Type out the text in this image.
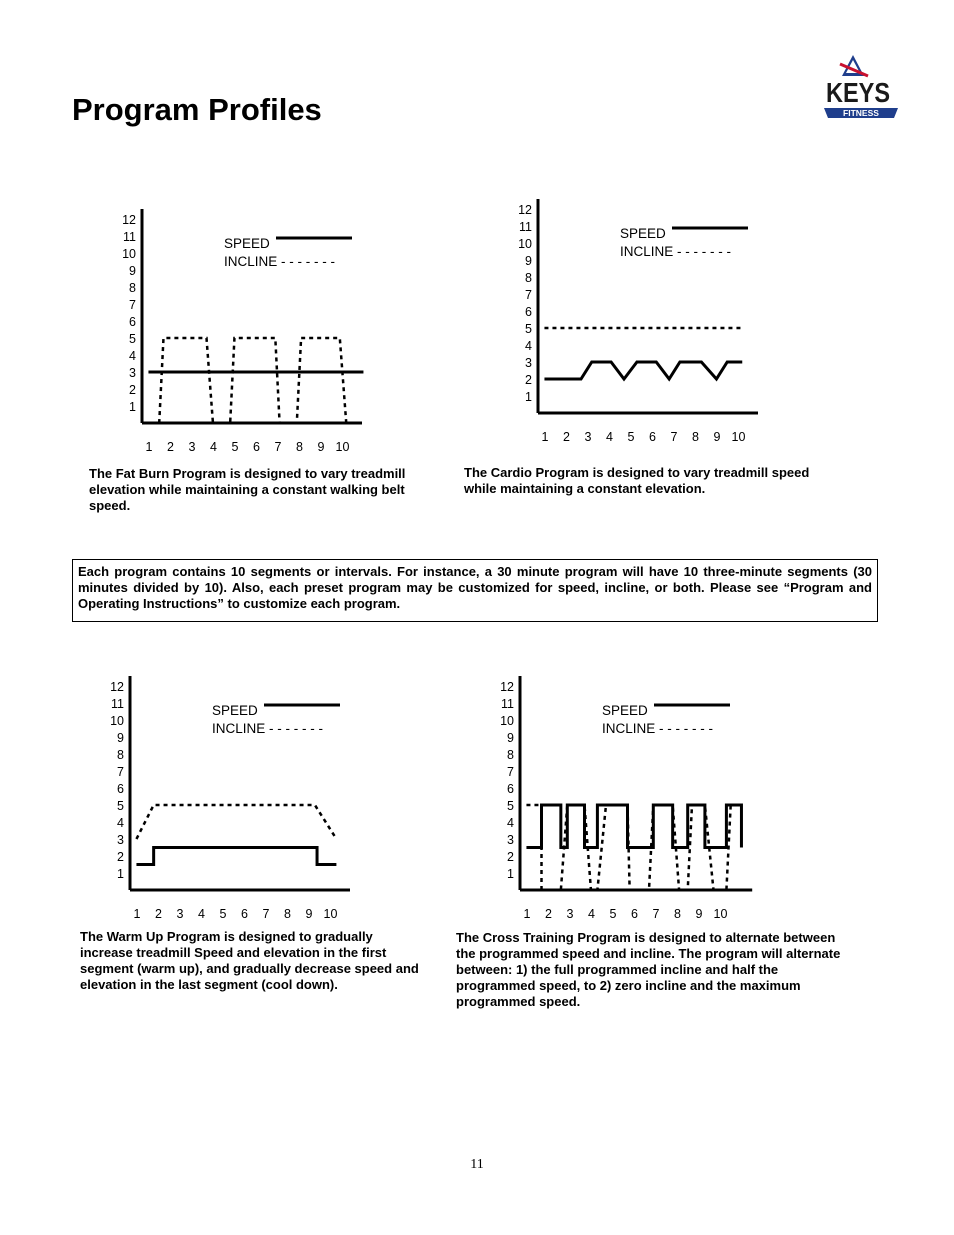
Program Profiles	KEYS
FITNESS
1
2
3
4
5
6
7
8
9
10
11
12
1 2 3 4 5 6 7 8 9 10
SPEED
INCLINE - - - - - - -
1
2
3
4
5
6
7
8
9
10
11
12
1 2 3 4 5 6 7 8 9 10
SPEED
INCLINE - - - - - - -
1
2
3
4
5
6
7
8
9
10
11
12
1 2 3 4 5 6 7 8 9 10
SPEED
INCLINE - - - - - - -
1
2
3
4
5
6
7
8
9
10
11
12
1 2 3 4 5 6 7 8 9 10
SPEED
INCLINE - - - - - - -
The Fat Burn Program is designed to vary treadmill elevation while maintaining a constant walking belt speed.
The Cardio Program is designed to vary treadmill speed while maintaining a constant elevation.
Each program contains 10 segments or intervals. For instance, a 30 minute program will have 10 three-minute segments (30 minutes divided by 10). Also, each preset program may be customized for speed, incline, or both. Please see “Program and Operating Instructions” to customize each program.
The Warm Up Program is designed to gradually increase treadmill Speed and elevation in the first segment (warm up), and gradually decrease speed and elevation in the last segment (cool down).
The Cross Training Program is designed to alternate between the programmed speed and incline. The program will alternate between: 1) the full programmed incline and half the programmed speed, to 2) zero incline and the maximum programmed speed.
11
